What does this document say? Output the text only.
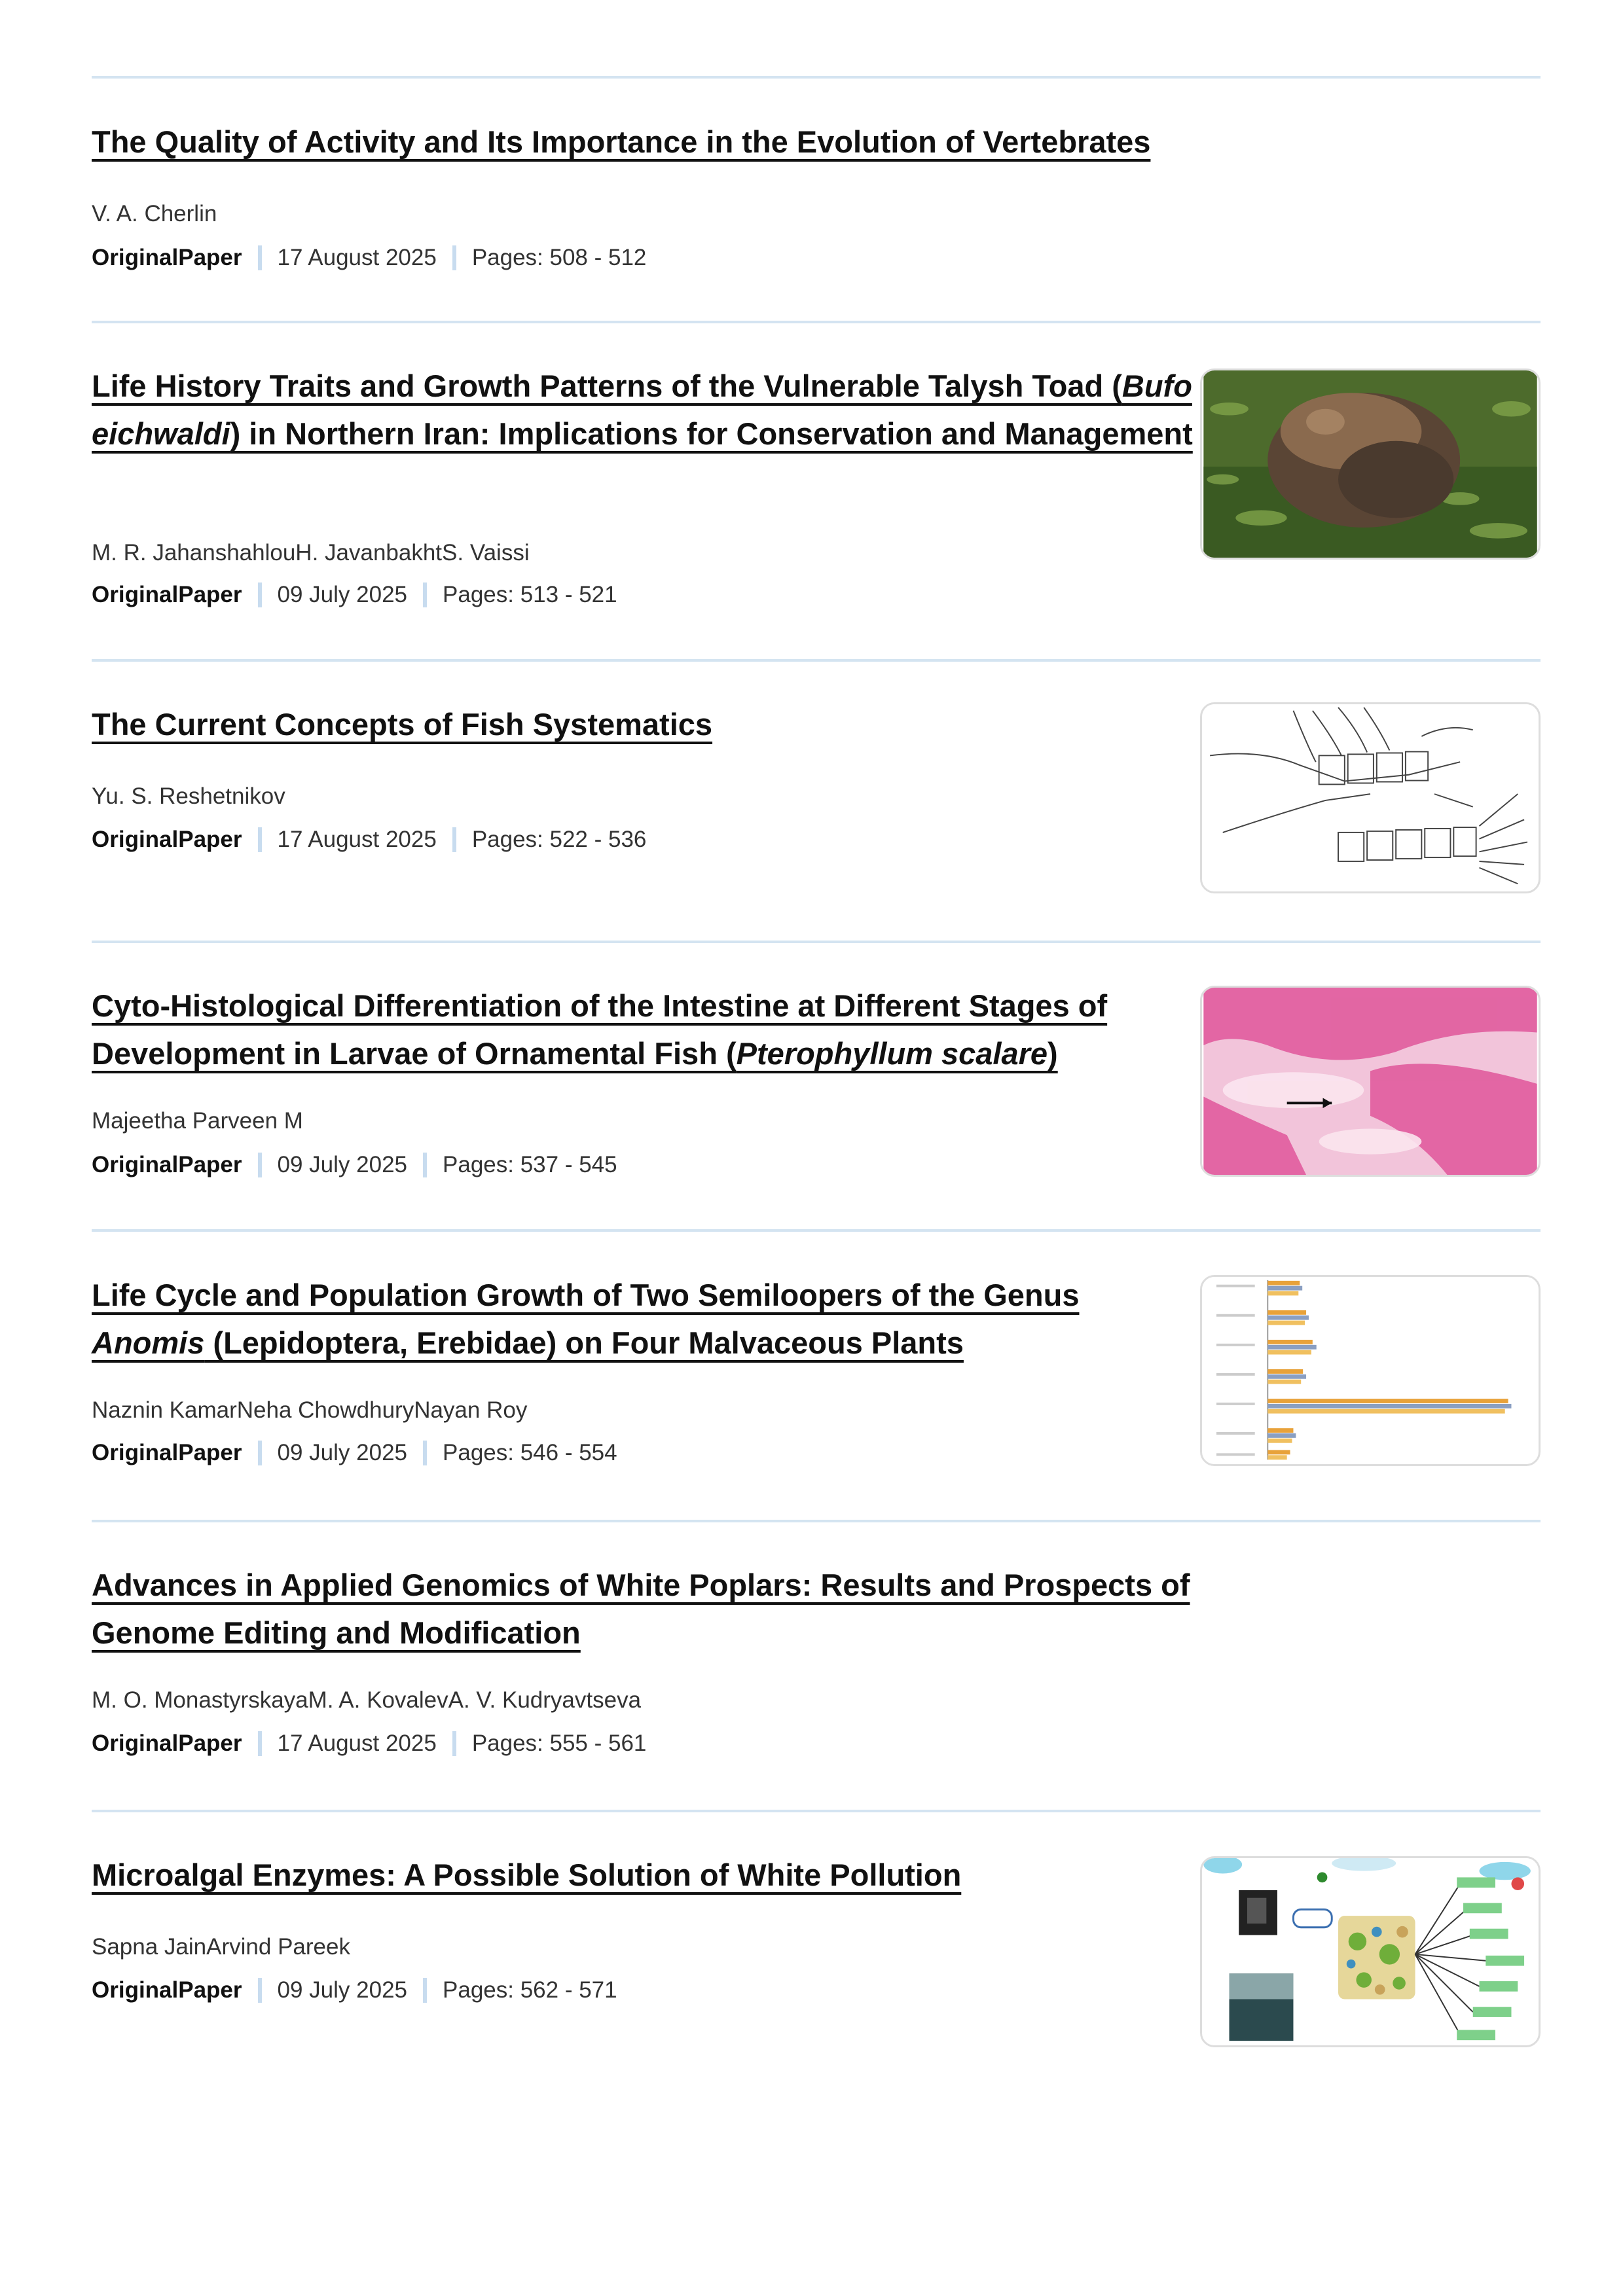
The Quality of Activity and Its Importance in the Evolution of Vertebrates
V. A. Cherlin
OriginalPaper 17 August 2025 Pages: 508 - 512
Life History Traits and Growth Patterns of the Vulnerable Talysh Toad (Bufo eichwaldi) in Northern Iran: Implications for Conservation and Management
M. R. JahanshahlouH. JavanbakhtS. Vaissi
OriginalPaper 09 July 2025 Pages: 513 - 521
The Current Concepts of Fish Systematics
Yu. S. Reshetnikov
OriginalPaper 17 August 2025 Pages: 522 - 536
Cyto-Histological Differentiation of the Intestine at Different Stages of Development in Larvae of Ornamental Fish (Pterophyllum scalare)
Majeetha Parveen M
OriginalPaper 09 July 2025 Pages: 537 - 545
Life Cycle and Population Growth of Two Semiloopers of the Genus
Anomis (Lepidoptera, Erebidae) on Four Malvaceous Plants
Naznin KamarNeha ChowdhuryNayan Roy
OriginalPaper 09 July 2025 Pages: 546 - 554
Advances in Applied Genomics of White Poplars: Results and Prospects of Genome Editing and Modification
M. O. MonastyrskayaM. A. KovalevA. V. Kudryavtseva
OriginalPaper 17 August 2025 Pages: 555 - 561
Microalgal Enzymes: A Possible Solution of White Pollution
Sapna JainArvind Pareek
OriginalPaper 09 July 2025 Pages: 562 - 571
